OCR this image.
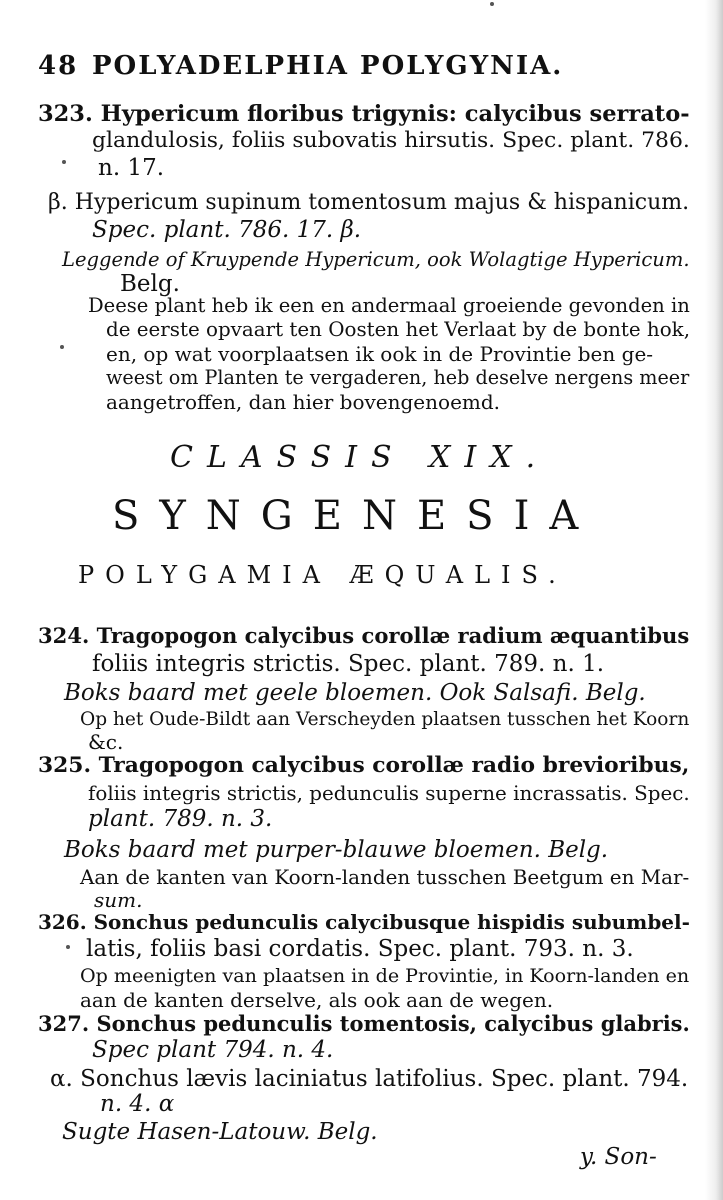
48 POLYADELPHIA POLYGYNIA.
323. Hypericum floribus trigynis: calycibus serrato-
glandulosis, foliis subovatis hirsutis. Spec. plant. 786.
n. 17.
β. Hypericum supinum tomentosum majus & hispanicum.
Spec. plant. 786. 17. β.
Leggende of Kruypende Hypericum, ook Wolagtige Hypericum.
Belg.
Deese plant heb ik een en andermaal groeiende gevonden in
de eerste opvaart ten Oosten het Verlaat by de bonte hok,
en, op wat voorplaatsen ik ook in de Provintie ben ge-
weest om Planten te vergaderen, heb deselve nergens meer
aangetroffen, dan hier bovengenoemd.
CLASSIS XIX.
SYNGENESIA
POLYGAMIA ÆQUALIS.
324. Tragopogon calycibus corollæ radium æquantibus
foliis integris strictis. Spec. plant. 789. n. 1.
Boks baard met geele bloemen. Ook Salsafi. Belg.
Op het Oude-Bildt aan Verscheyden plaatsen tusschen het Koorn
&c.
325. Tragopogon calycibus corollæ radio brevioribus,
foliis integris strictis, pedunculis superne incrassatis. Spec.
plant. 789. n. 3.
Boks baard met purper-blauwe bloemen. Belg.
Aan de kanten van Koorn-landen tusschen Beetgum en Mar-
sum.
326. Sonchus pedunculis calycibusque hispidis subumbel-
latis, foliis basi cordatis. Spec. plant. 793. n. 3.
Op meenigten van plaatsen in de Provintie, in Koorn-landen en
aan de kanten derselve, als ook aan de wegen.
327. Sonchus pedunculis tomentosis, calycibus glabris.
Spec plant 794. n. 4.
α. Sonchus lævis laciniatus latifolius. Spec. plant. 794.
n. 4. α
Sugte Hasen-Latouw. Belg.
y. Son-
